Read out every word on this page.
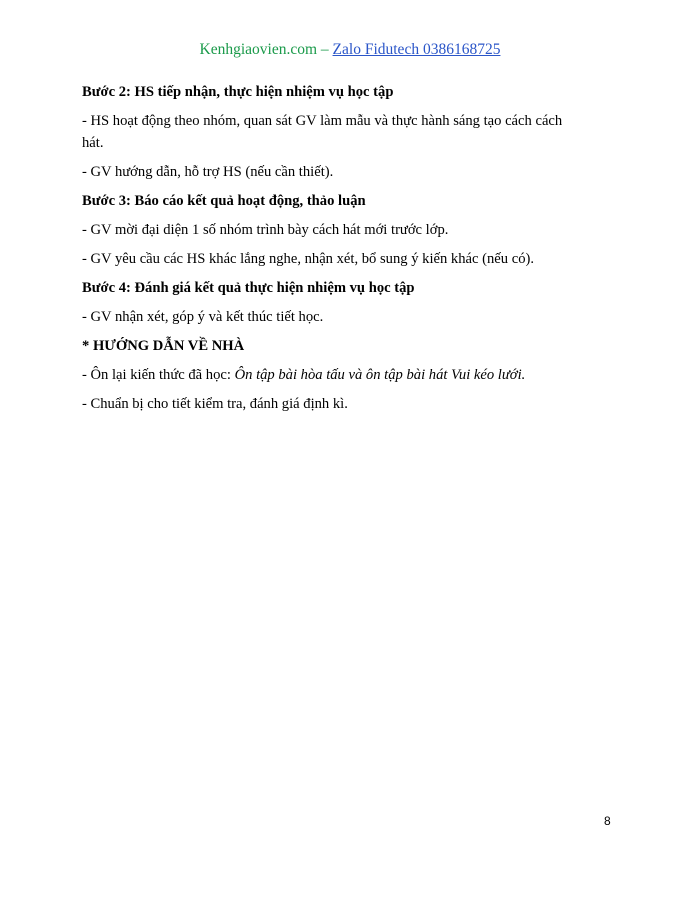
Kenhgiaovien.com – Zalo Fidutech 0386168725

Bước 2: HS tiếp nhận, thực hiện nhiệm vụ học tập

- HS hoạt động theo nhóm, quan sát GV làm mẫu và thực hành sáng tạo cách cách

hát.

- GV hướng dẫn, hỗ trợ HS (nếu cần thiết).

Bước 3: Báo cáo kết quả hoạt động, thảo luận

- GV mời đại diện 1 số nhóm trình bày cách hát mới trước lớp.

- GV yêu cầu các HS khác lắng nghe, nhận xét, bổ sung ý kiến khác (nếu có).

Bước 4: Đánh giá kết quả thực hiện nhiệm vụ học tập

- GV nhận xét, góp ý và kết thúc tiết học.

* HƯỚNG DẪN VỀ NHÀ

- Ôn lại kiến thức đã học: Ôn tập bài hòa tấu và ôn tập bài hát Vui kéo lưới.

- Chuẩn bị cho tiết kiểm tra, đánh giá định kì.

8
